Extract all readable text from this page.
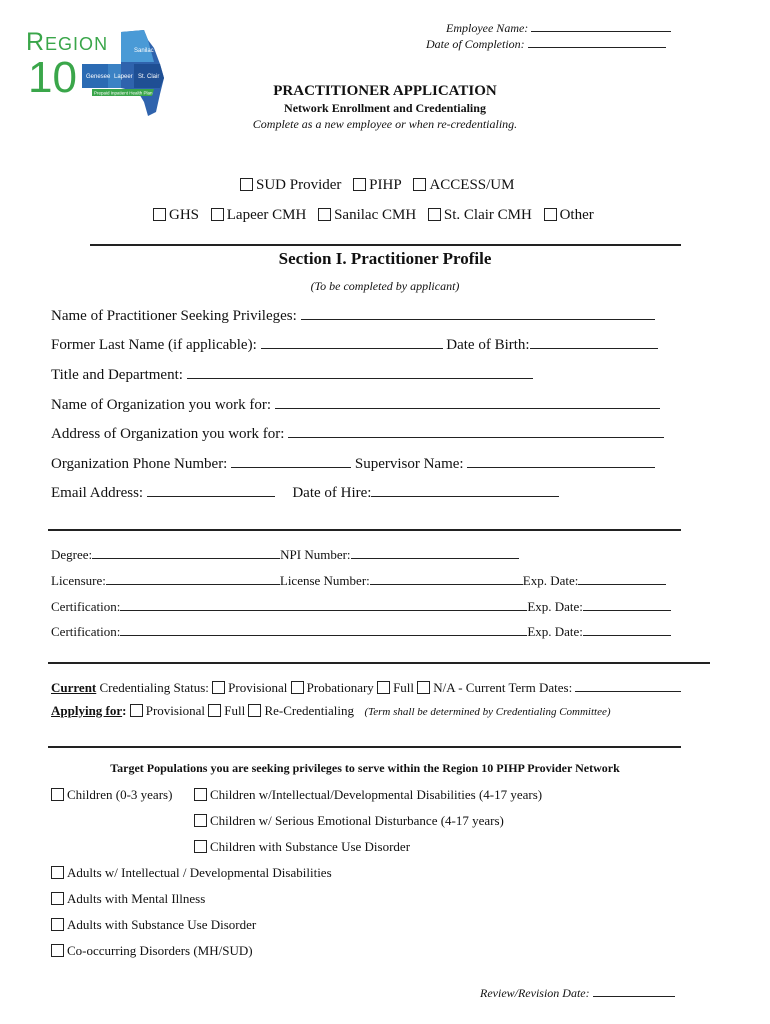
Employee Name:
Date of Completion:
Sanilac
Genesee Lapeer St. Clair
Prepaid Inpatient Health Plan
Region
10	PRACTITIONER APPLICATION
Network Enrollment and Credentialing
Complete as a new employee or when re-credentialing.
SUD Provider PIHP ACCESS/UM
GHS Lapeer CMH Sanilac CMH St. Clair CMH Other
Section I. Practitioner Profile
(To be completed by applicant)
Name of Practitioner Seeking Privileges:
Former Last Name (if applicable):	Date of Birth:
Title and Department:
Name of Organization you work for:
Address of Organization you work for:
Organization Phone Number:	Supervisor Name:
Email Address:	Date of Hire:
Degree:	NPI Number:
Licensure:	License Number:	Exp. Date:
Certification:	Exp. Date:
Certification:	Exp. Date:
Current Credentialing Status: Provisional Probationary Full N/A - Current Term Dates:
Applying for: Provisional Full Re-Credentialing (Term shall be determined by Credentialing Committee)
Target Populations you are seeking privileges to serve within the Region 10 PIHP Provider Network
Children (0-3 years)	Children w/Intellectual/Developmental Disabilities (4-17 years)
Children w/ Serious Emotional Disturbance (4-17 years)
Children with Substance Use Disorder
Adults w/ Intellectual / Developmental Disabilities
Adults with Mental Illness
Adults with Substance Use Disorder
Co-occurring Disorders (MH/SUD)
Review/Revision Date:
